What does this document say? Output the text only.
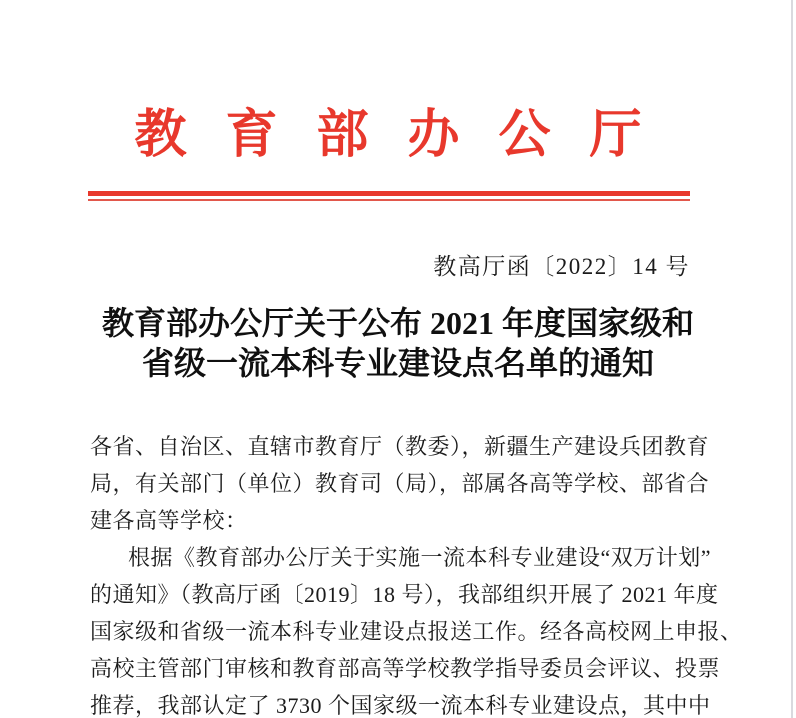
教育部办公厅
教高厅函〔2022〕14 号
教育部办公厅关于公布 2021 年度国家级和
省级一流本科专业建设点名单的通知
各省、自治区、直辖市教育厅（教委），新疆生产建设兵团教育
局，有关部门（单位）教育司（局），部属各高等学校、部省合
建各高等学校：
根据《教育部办公厅关于实施一流本科专业建设“双万计划”
的通知》（教高厅函〔2019〕18 号），我部组织开展了 2021 年度
国家级和省级一流本科专业建设点报送工作。经各高校网上申报、
高校主管部门审核和教育部高等学校教学指导委员会评议、投票
推荐，我部认定了 3730 个国家级一流本科专业建设点，其中中
